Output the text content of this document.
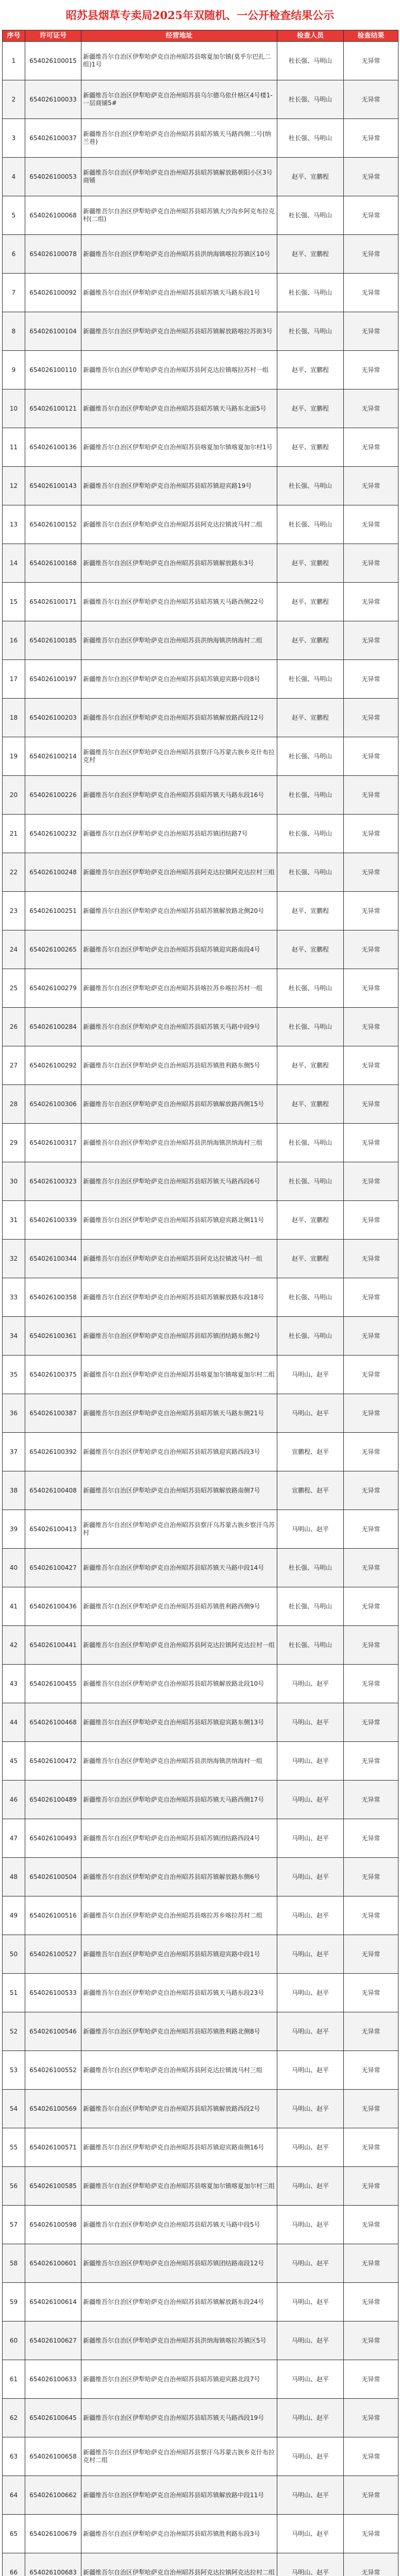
昭苏县烟草专卖局2025年双随机、一公开检查结果公示
序号	许可证号	经营地址	检查人员	检查结果
1	654026100015	新疆维吾尔自治区伊犁哈萨克自治州昭苏县喀夏加尔镇(莫乎尔巴扎二组)1号	杜长强、马明山	无异常
2	654026100033	新疆维吾尔自治区伊犁哈萨克自治州昭苏县乌尔德乌依什格区4号楼1-一层商铺5#	杜长强、马明山	无异常
3	654026100037	新疆维吾尔自治区伊犁哈萨克自治州昭苏县昭苏镇天马路西侧二号(纳兰巷)	杜长强、马明山	无异常
4	654026100053	新疆维吾尔自治区伊犁哈萨克自治州昭苏县昭苏镇解放路朝阳小区3号商铺	赵平、宣鹏程	无异常
5	654026100068	新疆维吾尔自治区伊犁哈萨克自治州昭苏县昭苏镇大沙沟乡阿克布拉克村(二组)	杜长强、马明山	无异常
6	654026100078	新疆维吾尔自治区伊犁哈萨克自治州昭苏县洪纳海镇喀拉苏镇区10号	赵平、宣鹏程	无异常
7	654026100092	新疆维吾尔自治区伊犁哈萨克自治州昭苏县昭苏镇天马路东段1号	杜长强、马明山	无异常
8	654026100104	新疆维吾尔自治区伊犁哈萨克自治州昭苏县昭苏镇解放路喀拉苏街3号	杜长强、马明山	无异常
9	654026100110	新疆维吾尔自治区伊犁哈萨克自治州昭苏县阿克达拉镇喀拉苏村一组	赵平、宣鹏程	无异常
10	654026100121	新疆维吾尔自治区伊犁哈萨克自治州昭苏县昭苏镇天马路东北面5号	赵平、宣鹏程	无异常
11	654026100136	新疆维吾尔自治区伊犁哈萨克自治州昭苏县喀夏加尔镇喀夏加尔村1号	赵平、宣鹏程	无异常
12	654026100143	新疆维吾尔自治区伊犁哈萨克自治州昭苏县昭苏镇迎宾路19号	杜长强、马明山	无异常
13	654026100152	新疆维吾尔自治区伊犁哈萨克自治州昭苏县阿克达拉镇波马村二组	杜长强、马明山	无异常
14	654026100168	新疆维吾尔自治区伊犁哈萨克自治州昭苏县昭苏镇解放路东3号	赵平、宣鹏程	无异常
15	654026100171	新疆维吾尔自治区伊犁哈萨克自治州昭苏县昭苏镇天马路西侧22号	赵平、宣鹏程	无异常
16	654026100185	新疆维吾尔自治区伊犁哈萨克自治州昭苏县洪纳海镇洪纳海村二组	赵平、宣鹏程	无异常
17	654026100197	新疆维吾尔自治区伊犁哈萨克自治州昭苏县昭苏镇迎宾路中段8号	杜长强、马明山	无异常
18	654026100203	新疆维吾尔自治区伊犁哈萨克自治州昭苏县昭苏镇解放路西段12号	赵平、宣鹏程	无异常
19	654026100214	新疆维吾尔自治区伊犁哈萨克自治州昭苏县察汗乌苏蒙古族乡克什布拉克村	杜长强、马明山	无异常
20	654026100226	新疆维吾尔自治区伊犁哈萨克自治州昭苏县昭苏镇天马路东段16号	杜长强、马明山	无异常
21	654026100232	新疆维吾尔自治区伊犁哈萨克自治州昭苏县昭苏镇团结路7号	杜长强、马明山	无异常
22	654026100248	新疆维吾尔自治区伊犁哈萨克自治州昭苏县阿克达拉镇阿克达拉村三组	杜长强、马明山	无异常
23	654026100251	新疆维吾尔自治区伊犁哈萨克自治州昭苏县昭苏镇解放路北侧20号	赵平、宣鹏程	无异常
24	654026100265	新疆维吾尔自治区伊犁哈萨克自治州昭苏县昭苏镇迎宾路南段4号	赵平、宣鹏程	无异常
25	654026100279	新疆维吾尔自治区伊犁哈萨克自治州昭苏县喀拉苏乡喀拉苏村一组	杜长强、马明山	无异常
26	654026100284	新疆维吾尔自治区伊犁哈萨克自治州昭苏县昭苏镇天马路中段9号	杜长强、马明山	无异常
27	654026100292	新疆维吾尔自治区伊犁哈萨克自治州昭苏县昭苏镇胜利路东侧5号	赵平、宣鹏程	无异常
28	654026100306	新疆维吾尔自治区伊犁哈萨克自治州昭苏县昭苏镇解放路西侧15号	赵平、宣鹏程	无异常
29	654026100317	新疆维吾尔自治区伊犁哈萨克自治州昭苏县洪纳海镇洪纳海村三组	杜长强、马明山	无异常
30	654026100323	新疆维吾尔自治区伊犁哈萨克自治州昭苏县昭苏镇天马路西段6号	杜长强、马明山	无异常
31	654026100339	新疆维吾尔自治区伊犁哈萨克自治州昭苏县昭苏镇迎宾路北侧11号	赵平、宣鹏程	无异常
32	654026100344	新疆维吾尔自治区伊犁哈萨克自治州昭苏县阿克达拉镇波马村一组	赵平、宣鹏程	无异常
33	654026100358	新疆维吾尔自治区伊犁哈萨克自治州昭苏县昭苏镇解放路东段18号	杜长强、马明山	无异常
34	654026100361	新疆维吾尔自治区伊犁哈萨克自治州昭苏县昭苏镇团结路东侧2号	杜长强、马明山	无异常
35	654026100375	新疆维吾尔自治区伊犁哈萨克自治州昭苏县喀夏加尔镇喀夏加尔村二组	马明山、赵平	无异常
36	654026100387	新疆维吾尔自治区伊犁哈萨克自治州昭苏县昭苏镇天马路东侧21号	马明山、赵平	无异常
37	654026100392	新疆维吾尔自治区伊犁哈萨克自治州昭苏县昭苏镇迎宾路西段3号	宣鹏程、赵平	无异常
38	654026100408	新疆维吾尔自治区伊犁哈萨克自治州昭苏县昭苏镇解放路南侧7号	宣鹏程、赵平	无异常
39	654026100413	新疆维吾尔自治区伊犁哈萨克自治州昭苏县察汗乌苏蒙古族乡察汗乌苏村	马明山、赵平	无异常
40	654026100427	新疆维吾尔自治区伊犁哈萨克自治州昭苏县昭苏镇天马路中段14号	杜长强、马明山	无异常
41	654026100436	新疆维吾尔自治区伊犁哈萨克自治州昭苏县昭苏镇胜利路西侧9号	杜长强、马明山	无异常
42	654026100441	新疆维吾尔自治区伊犁哈萨克自治州昭苏县阿克达拉镇阿克达拉村一组	杜长强、马明山	无异常
43	654026100455	新疆维吾尔自治区伊犁哈萨克自治州昭苏县昭苏镇解放路北段10号	马明山、赵平	无异常
44	654026100468	新疆维吾尔自治区伊犁哈萨克自治州昭苏县昭苏镇迎宾路东侧13号	马明山、赵平	无异常
45	654026100472	新疆维吾尔自治区伊犁哈萨克自治州昭苏县洪纳海镇洪纳海村一组	马明山、赵平	无异常
46	654026100489	新疆维吾尔自治区伊犁哈萨克自治州昭苏县昭苏镇天马路西侧17号	马明山、赵平	无异常
47	654026100493	新疆维吾尔自治区伊犁哈萨克自治州昭苏县昭苏镇团结路西段4号	马明山、赵平	无异常
48	654026100504	新疆维吾尔自治区伊犁哈萨克自治州昭苏县昭苏镇解放路东侧6号	马明山、赵平	无异常
49	654026100516	新疆维吾尔自治区伊犁哈萨克自治州昭苏县喀拉苏乡喀拉苏村二组	马明山、赵平	无异常
50	654026100527	新疆维吾尔自治区伊犁哈萨克自治州昭苏县昭苏镇迎宾路中段1号	马明山、赵平	无异常
51	654026100533	新疆维吾尔自治区伊犁哈萨克自治州昭苏县昭苏镇天马路东段23号	马明山、赵平	无异常
52	654026100546	新疆维吾尔自治区伊犁哈萨克自治州昭苏县昭苏镇胜利路北侧8号	马明山、赵平	无异常
53	654026100552	新疆维吾尔自治区伊犁哈萨克自治州昭苏县阿克达拉镇波马村三组	马明山、赵平	无异常
54	654026100569	新疆维吾尔自治区伊犁哈萨克自治州昭苏县昭苏镇解放路西段2号	马明山、赵平	无异常
55	654026100571	新疆维吾尔自治区伊犁哈萨克自治州昭苏县昭苏镇迎宾路南侧16号	马明山、赵平	无异常
56	654026100585	新疆维吾尔自治区伊犁哈萨克自治州昭苏县喀夏加尔镇喀夏加尔村三组	马明山、赵平	无异常
57	654026100598	新疆维吾尔自治区伊犁哈萨克自治州昭苏县昭苏镇天马路中段5号	马明山、赵平	无异常
58	654026100601	新疆维吾尔自治区伊犁哈萨克自治州昭苏县昭苏镇团结路南段12号	马明山、赵平	无异常
59	654026100614	新疆维吾尔自治区伊犁哈萨克自治州昭苏县昭苏镇解放路东段24号	马明山、赵平	无异常
60	654026100627	新疆维吾尔自治区伊犁哈萨克自治州昭苏县洪纳海镇喀拉苏镇区5号	马明山、赵平	无异常
61	654026100633	新疆维吾尔自治区伊犁哈萨克自治州昭苏县昭苏镇迎宾路北段7号	马明山、赵平	无异常
62	654026100645	新疆维吾尔自治区伊犁哈萨克自治州昭苏县昭苏镇天马路西段19号	马明山、赵平	无异常
63	654026100658	新疆维吾尔自治区伊犁哈萨克自治州昭苏县察汗乌苏蒙古族乡克什布拉克村二组	马明山、赵平	无异常
64	654026100662	新疆维吾尔自治区伊犁哈萨克自治州昭苏县昭苏镇解放路中段11号	马明山、赵平	无异常
65	654026100679	新疆维吾尔自治区伊犁哈萨克自治州昭苏县昭苏镇胜利路东段3号	马明山、赵平	无异常
66	654026100683	新疆维吾尔自治区伊犁哈萨克自治州昭苏县阿克达拉镇阿克达拉村二组	马明山、赵平	无异常
